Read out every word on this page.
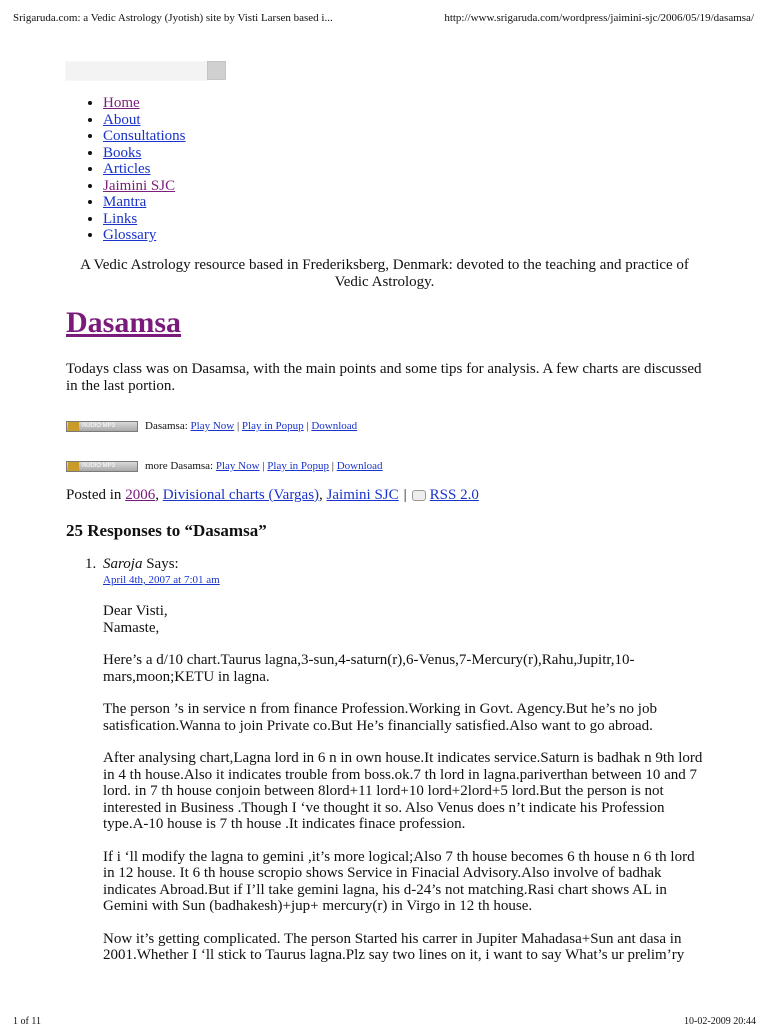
Srigaruda.com: a Vedic Astrology (Jyotish) site by Visti Larsen based i...	http://www.srigaruda.com/wordpress/jaimini-sjc/2006/05/19/dasamsa/
• Home
• About
• Consultations
• Books
• Articles
• Jaimini SJC
• Mantra
• Links
• Glossary
A Vedic Astrology resource based in Frederiksberg, Denmark: devoted to the teaching and practice of Vedic Astrology.
Dasamsa
Todays class was on Dasamsa, with the main points and some tips for analysis. A few charts are discussed in the last portion.
AUDIO MP3	Dasamsa:
Play Now | Play in Popup | Download
AUDIO MP3	more Dasamsa:
Play Now | Play in Popup | Download
Posted in
2006 , Divisional charts (Vargas) , Jaimini SJC | RSS 2.0
25 Responses to “Dasamsa”
1. Saroja Says:
April 4th, 2007 at 7:01 am

Dear Visti,
Namaste,

Here’s a d/10 chart.Taurus lagna,3-sun,4-saturn(r),6-Venus,7-Mercury(r),Rahu,Jupitr,10-mars,moon;KETU in lagna.

The person ’s in service n from finance Profession.Working in Govt. Agency.But he’s no job satisfication.Wanna to join Private co.But He’s financially satisfied.Also want to go abroad.

After analysing chart,Lagna lord in 6 n in own house.It indicates service.Saturn is badhak n 9th lord in 4 th house.Also it indicates trouble from boss.ok.7 th lord in lagna.pariverthan between 10 and 7 lord. in 7 th house conjoin between 8lord+11 lord+10 lord+2lord+5 lord.But the person is not interested in Business .Though I ‘ve thought it so. Also Venus does n’t indicate his Profession type.A-10 house is 7 th house .It indicates finace profession.

If i ‘ll modify the lagna to gemini ,it’s more logical;Also 7 th house becomes 6 th house n 6 th lord in 12 house. It 6 th house scropio shows Service in Finacial Advisory.Also involve of badhak indicates Abroad.But if I’ll take gemini lagna, his d-24’s not matching.Rasi chart shows AL in Gemini with Sun (badhakesh)+jup+ mercury(r) in Virgo in 12 th house.

Now it’s getting complicated. The person Started his carrer in Jupiter Mahadasa+Sun ant dasa in 2001.Whether I ‘ll stick to Taurus lagna.Plz say two lines on it, i want to say What’s ur prelim’ry

1 of 11	10-02-2009 20:44
